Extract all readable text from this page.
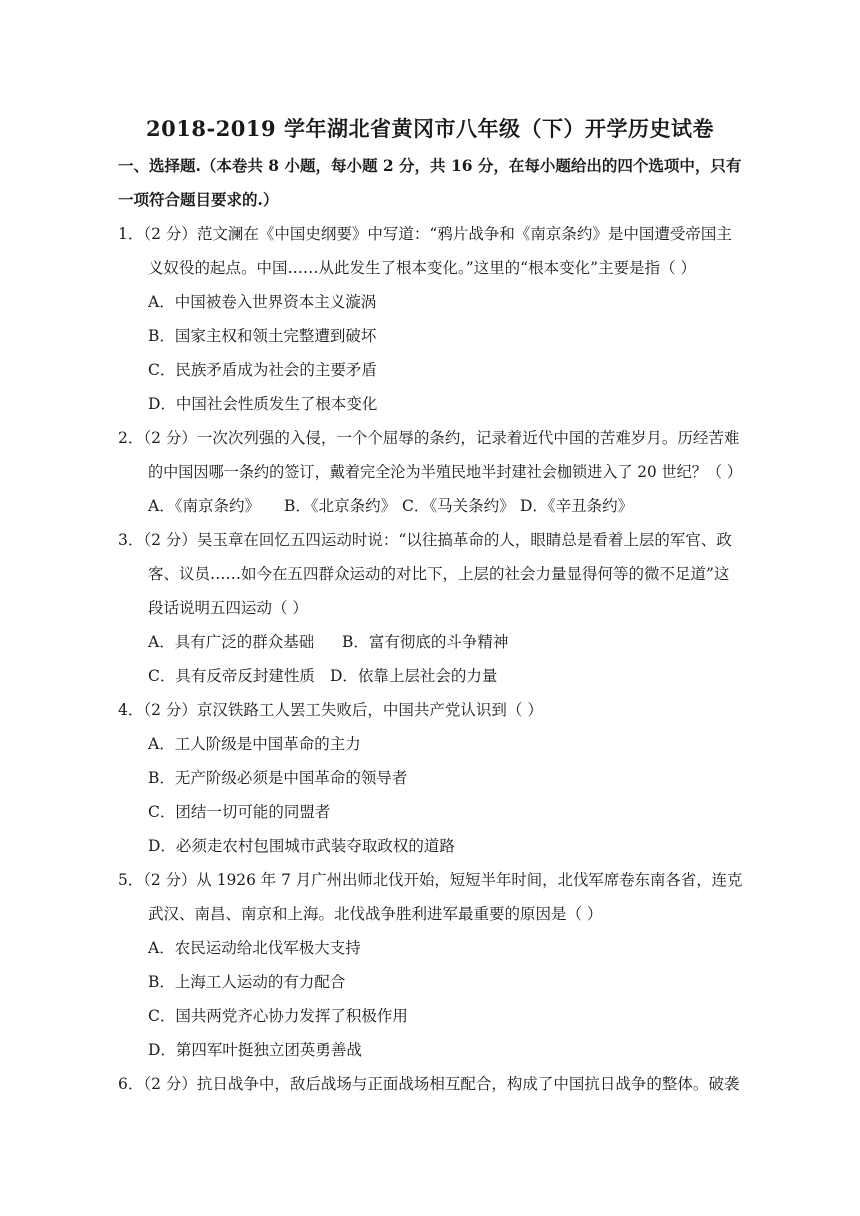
2018-2019 学年湖北省黄冈市八年级（下）开学历史试卷
一、选择题.（本卷共 8 小题，每小题 2 分，共 16 分，在每小题给出的四个选项中，只有
一项符合题目要求的.）
1．（2 分）范文澜在《中国史纲要》中写道：“鸦片战争和《南京条约》是中国遭受帝国主
义奴役的起点。中国……从此发生了根本变化。”这里的“根本变化”主要是指（ ）
A．中国被卷入世界资本主义漩涡
B．国家主权和领土完整遭到破坏
C．民族矛盾成为社会的主要矛盾
D．中国社会性质发生了根本变化
2．（2 分）一次次列强的入侵，一个个屈辱的条约，记录着近代中国的苦难岁月。历经苦难
的中国因哪一条约的签订，戴着完全沦为半殖民地半封建社会枷锁进入了 20 世纪？（ ）
A．《南京条约》 B．《北京条约》 C．《马关条约》 D．《辛丑条约》
3．（2 分）吴玉章在回忆五四运动时说：“以往搞革命的人，眼睛总是看着上层的军官、政
客、议员……如今在五四群众运动的对比下，上层的社会力量显得何等的微不足道”这
段话说明五四运动（ ）
A．具有广泛的群众基础 B．富有彻底的斗争精神
C．具有反帝反封建性质 D．依靠上层社会的力量
4．（2 分）京汉铁路工人罢工失败后，中国共产党认识到（ ）
A．工人阶级是中国革命的主力
B．无产阶级必须是中国革命的领导者
C．团结一切可能的同盟者
D．必须走农村包围城市武装夺取政权的道路
5．（2 分）从 1926 年 7 月广州出师北伐开始，短短半年时间，北伐军席卷东南各省，连克
武汉、南昌、南京和上海。北伐战争胜利进军最重要的原因是（ ）
A．农民运动给北伐军极大支持
B．上海工人运动的有力配合
C．国共两党齐心协力发挥了积极作用
D．第四军叶挺独立团英勇善战
6．（2 分）抗日战争中，敌后战场与正面战场相互配合，构成了中国抗日战争的整体。破袭
